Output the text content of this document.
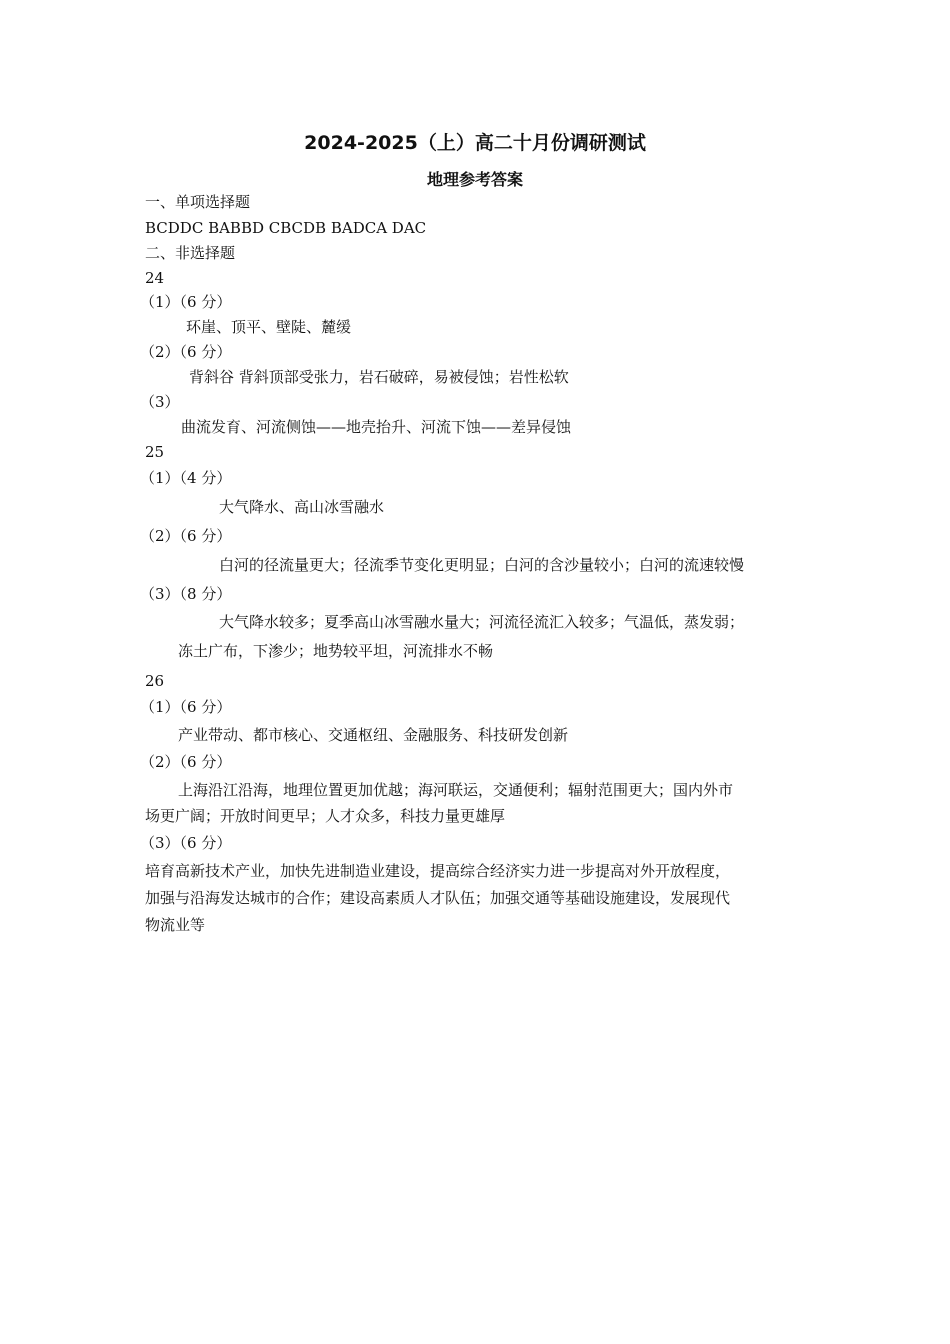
2024-2025（上）高二十月份调研测试
地理参考答案
一、单项选择题
BCDDC BABBD CBCDB BADCA DAC
二、非选择题
24
（1）（6 分）
环崖、顶平、壁陡、麓缓
（2）（6 分）
背斜谷 背斜顶部受张力，岩石破碎，易被侵蚀；岩性松软
（3）
曲流发育、河流侧蚀——地壳抬升、河流下蚀——差异侵蚀
25
（1）（4 分）
大气降水、高山冰雪融水
（2）（6 分）
白河的径流量更大；径流季节变化更明显；白河的含沙量较小；白河的流速较慢
（3）（8 分）
大气降水较多；夏季高山冰雪融水量大；河流径流汇入较多；气温低，蒸发弱；
冻土广布，下渗少；地势较平坦，河流排水不畅
26
（1）（6 分）
产业带动、都市核心、交通枢纽、金融服务、科技研发创新
（2）（6 分）
上海沿江沿海，地理位置更加优越；海河联运，交通便利；辐射范围更大；国内外市
场更广阔；开放时间更早；人才众多，科技力量更雄厚
（3）（6 分）
培育高新技术产业，加快先进制造业建设，提高综合经济实力进一步提高对外开放程度，
加强与沿海发达城市的合作；建设高素质人才队伍；加强交通等基础设施建设，发展现代
物流业等
